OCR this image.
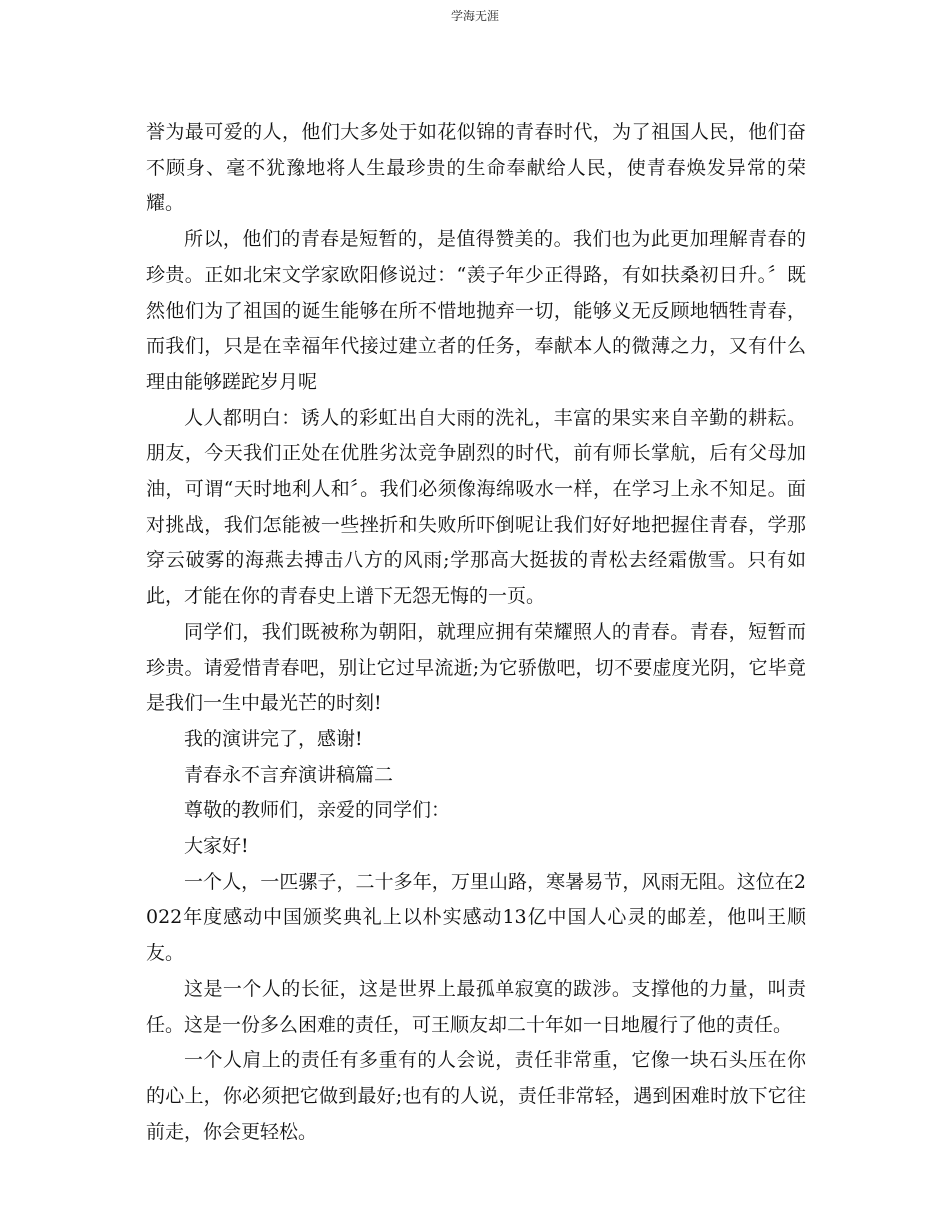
学海无涯

誉为最可爱的人，他们大多处于如花似锦的青春时代，为了祖国人民，他们奋不顾身、毫不犹豫地将人生最珍贵的生命奉献给人民，使青春焕发异常的荣耀。

所以，他们的青春是短暂的，是值得赞美的。我们也为此更加理解青春的珍贵。正如北宋文学家欧阳修说过：“羡子年少正得路，有如扶桑初日升。〞既然他们为了祖国的诞生能够在所不惜地抛弃一切，能够义无反顾地牺牲青春，而我们，只是在幸福年代接过建立者的任务，奉献本人的微薄之力，又有什么理由能够蹉跎岁月呢

人人都明白：诱人的彩虹出自大雨的洗礼，丰富的果实来自辛勤的耕耘。朋友，今天我们正处在优胜劣汰竞争剧烈的时代，前有师长掌航，后有父母加油，可谓“天时地利人和〞。我们必须像海绵吸水一样，在学习上永不知足。面对挑战，我们怎能被一些挫折和失败所吓倒呢让我们好好地把握住青春，学那穿云破雾的海燕去搏击八方的风雨;学那高大挺拔的青松去经霜傲雪。只有如此，才能在你的青春史上谱下无怨无悔的一页。

同学们，我们既被称为朝阳，就理应拥有荣耀照人的青春。青春，短暂而珍贵。请爱惜青春吧，别让它过早流逝;为它骄傲吧，切不要虚度光阴，它毕竟是我们一生中最光芒的时刻!

我的演讲完了，感谢!

青春永不言弃演讲稿篇二

尊敬的教师们，亲爱的同学们：

大家好!

一个人，一匹骡子，二十多年，万里山路，寒暑易节，风雨无阻。这位在2022年度感动中国颁奖典礼上以朴实感动13亿中国人心灵的邮差，他叫王顺友。

这是一个人的长征，这是世界上最孤单寂寞的跋涉。支撑他的力量，叫责任。这是一份多么困难的责任，可王顺友却二十年如一日地履行了他的责任。

一个人肩上的责任有多重有的人会说，责任非常重，它像一块石头压在你的心上，你必须把它做到最好;也有的人说，责任非常轻，遇到困难时放下它往前走，你会更轻松。
